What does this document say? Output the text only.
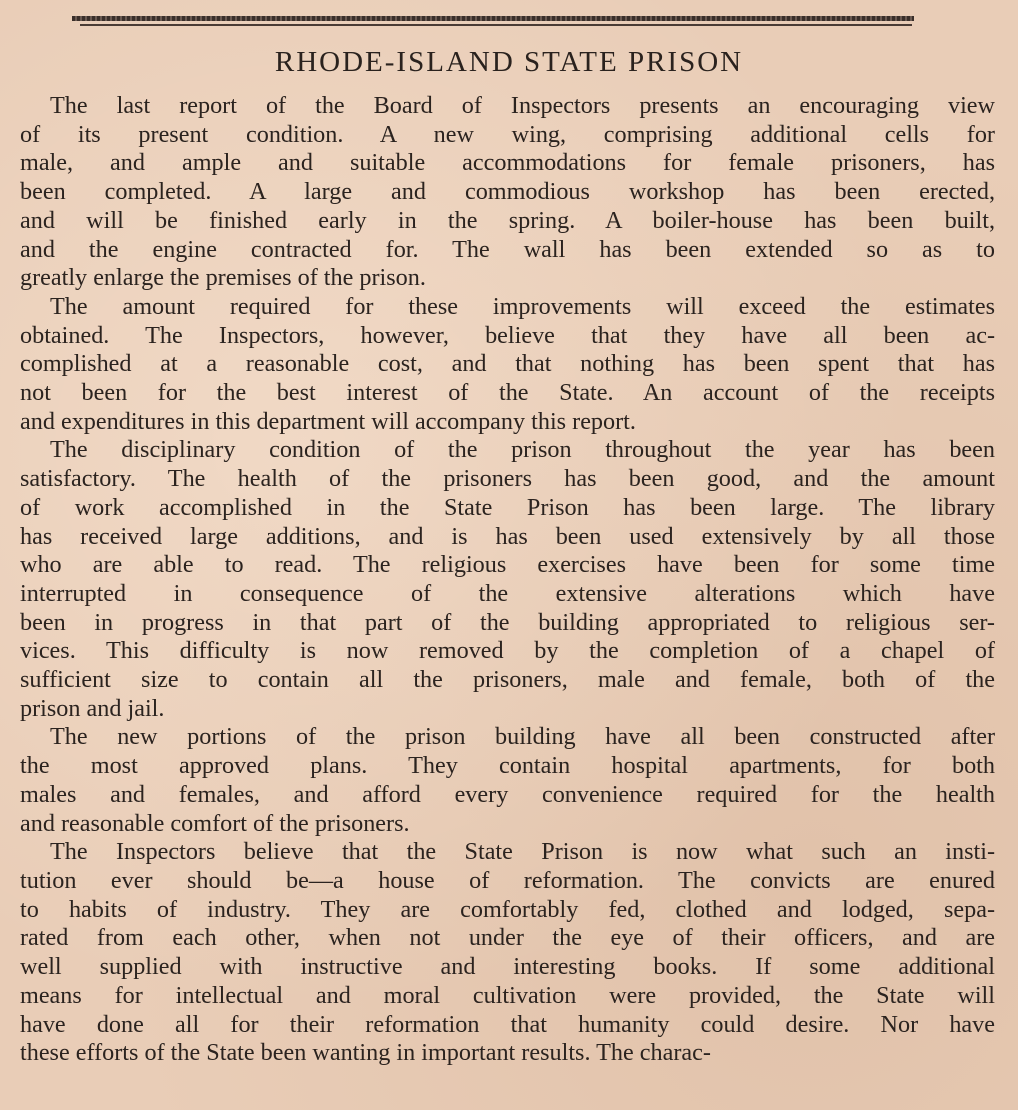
RHODE-ISLAND STATE PRISON
The last report of the Board of Inspectors presents an encouraging view
of its present condition. A new wing, comprising additional cells for
male, and ample and suitable accommodations for female prisoners, has
been completed. A large and commodious workshop has been erected,
and will be finished early in the spring. A boiler-house has been built,
and the engine contracted for. The wall has been extended so as to
greatly enlarge the premises of the prison.
The amount required for these improvements will exceed the estimates
obtained. The Inspectors, however, believe that they have all been ac-
complished at a reasonable cost, and that nothing has been spent that has
not been for the best interest of the State. An account of the receipts
and expenditures in this department will accompany this report.
The disciplinary condition of the prison throughout the year has been
satisfactory. The health of the prisoners has been good, and the amount
of work accomplished in the State Prison has been large. The library
has received large additions, and is has been used extensively by all those
who are able to read. The religious exercises have been for some time
interrupted in consequence of the extensive alterations which have
been in progress in that part of the building appropriated to religious ser-
vices. This difficulty is now removed by the completion of a chapel of
sufficient size to contain all the prisoners, male and female, both of the
prison and jail.
The new portions of the prison building have all been constructed after
the most approved plans. They contain hospital apartments, for both
males and females, and afford every convenience required for the health
and reasonable comfort of the prisoners.
The Inspectors believe that the State Prison is now what such an insti-
tution ever should be—a house of reformation. The convicts are enured
to habits of industry. They are comfortably fed, clothed and lodged, sepa-
rated from each other, when not under the eye of their officers, and are
well supplied with instructive and interesting books. If some additional
means for intellectual and moral cultivation were provided, the State will
have done all for their reformation that humanity could desire. Nor have
these efforts of the State been wanting in important results. The charac-
